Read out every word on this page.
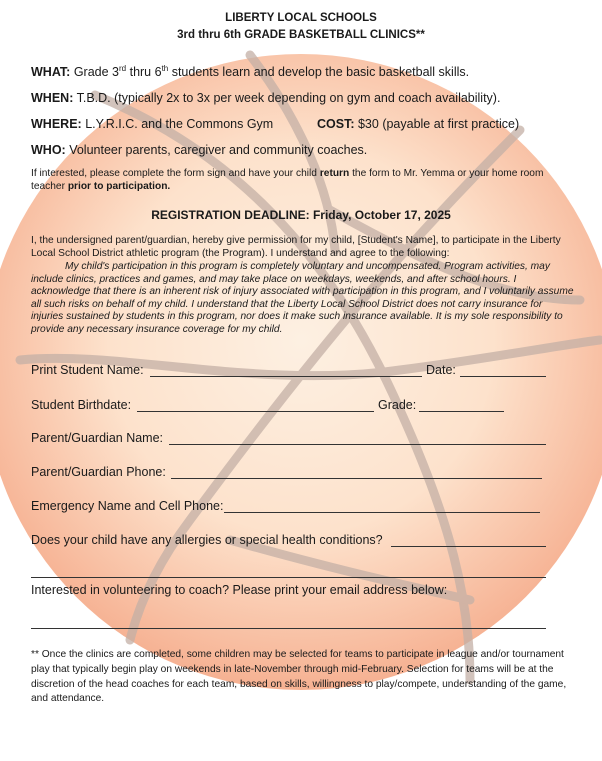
LIBERTY LOCAL SCHOOLS
3rd thru 6th GRADE BASKETBALL CLINICS**
WHAT: Grade 3rd thru 6th students learn and develop the basic basketball skills.
WHEN: T.B.D. (typically 2x to 3x per week depending on gym and coach availability).
WHERE: L.Y.R.I.C. and the Commons Gym	COST: $30 (payable at first practice)
WHO: Volunteer parents, caregiver and community coaches.
If interested, please complete the form sign and have your child return the form to Mr. Yemma or your home room teacher prior to participation.
REGISTRATION DEADLINE: Friday, October 17, 2025
I, the undersigned parent/guardian, hereby give permission for my child, [Student's Name], to participate in the Liberty Local School District athletic program (the Program). I understand and agree to the following:
My child's participation in this program is completely voluntary and uncompensated. Program activities, may include clinics, practices and games, and may take place on weekdays, weekends, and after school hours. I acknowledge that there is an inherent risk of injury associated with participation in this program, and I voluntarily assume all such risks on behalf of my child. I understand that the Liberty Local School District does not carry insurance for injuries sustained by students in this program, nor does it make such insurance available. It is my sole responsibility to provide any necessary insurance coverage for my child.
Print Student Name:	Date:
Student Birthdate:	Grade:
Parent/Guardian Name:
Parent/Guardian Phone:
Emergency Name and Cell Phone:
Does your child have any allergies or special health conditions?
Interested in volunteering to coach? Please print your email address below:
** Once the clinics are completed, some children may be selected for teams to participate in league and/or tournament play that typically begin play on weekends in late-November through mid-February. Selection for teams will be at the discretion of the head coaches for each team, based on skills, willingness to play/compete, understanding of the game, and attendance.
